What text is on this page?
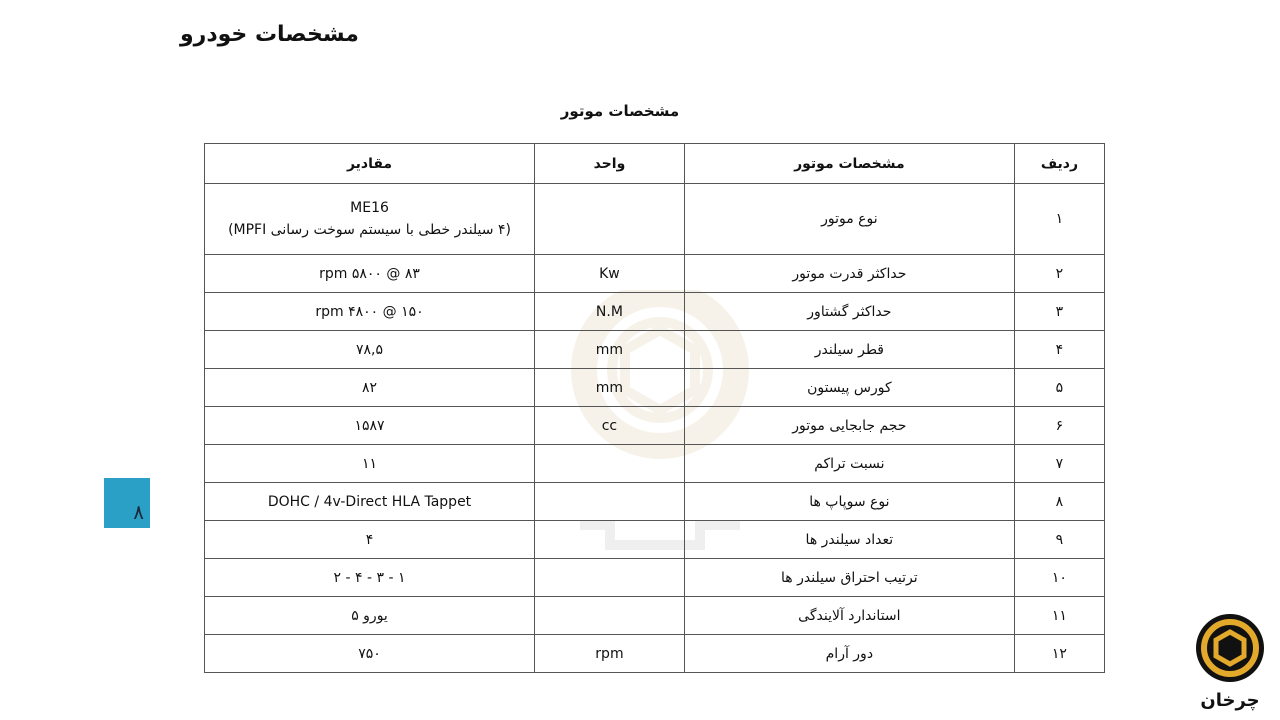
مشخصات خودرو
مشخصات موتور
مقادیر	واحد	مشخصات موتور	ردیف

ME16
(۴ سیلندر خطی با سیستم سوخت رسانی MPFI)		نوع موتور	۱
۸۳ @ ۵۸۰۰ rpm	Kw	حداکثر قدرت موتور	۲
۱۵۰ @ ۴۸۰۰ rpm	N.M	حداکثر گشتاور	۳
۷۸,۵	mm	قطر سیلندر	۴
۸۲	mm	کورس پیستون	۵
۱۵۸۷	cc	حجم جابجایی موتور	۶
۱۱		نسبت تراکم	۷
DOHC / 4v-Direct HLA Tappet		نوع سوپاپ ها	۸
۴		تعداد سیلندر ها	۹
۱ - ۳ - ۴ - ۲		ترتیب احتراق سیلندر ها	۱۰
یورو ۵		استاندارد آلایندگی	۱۱
۷۵۰	rpm	دور آرام	۱۲
۸
چرخان
